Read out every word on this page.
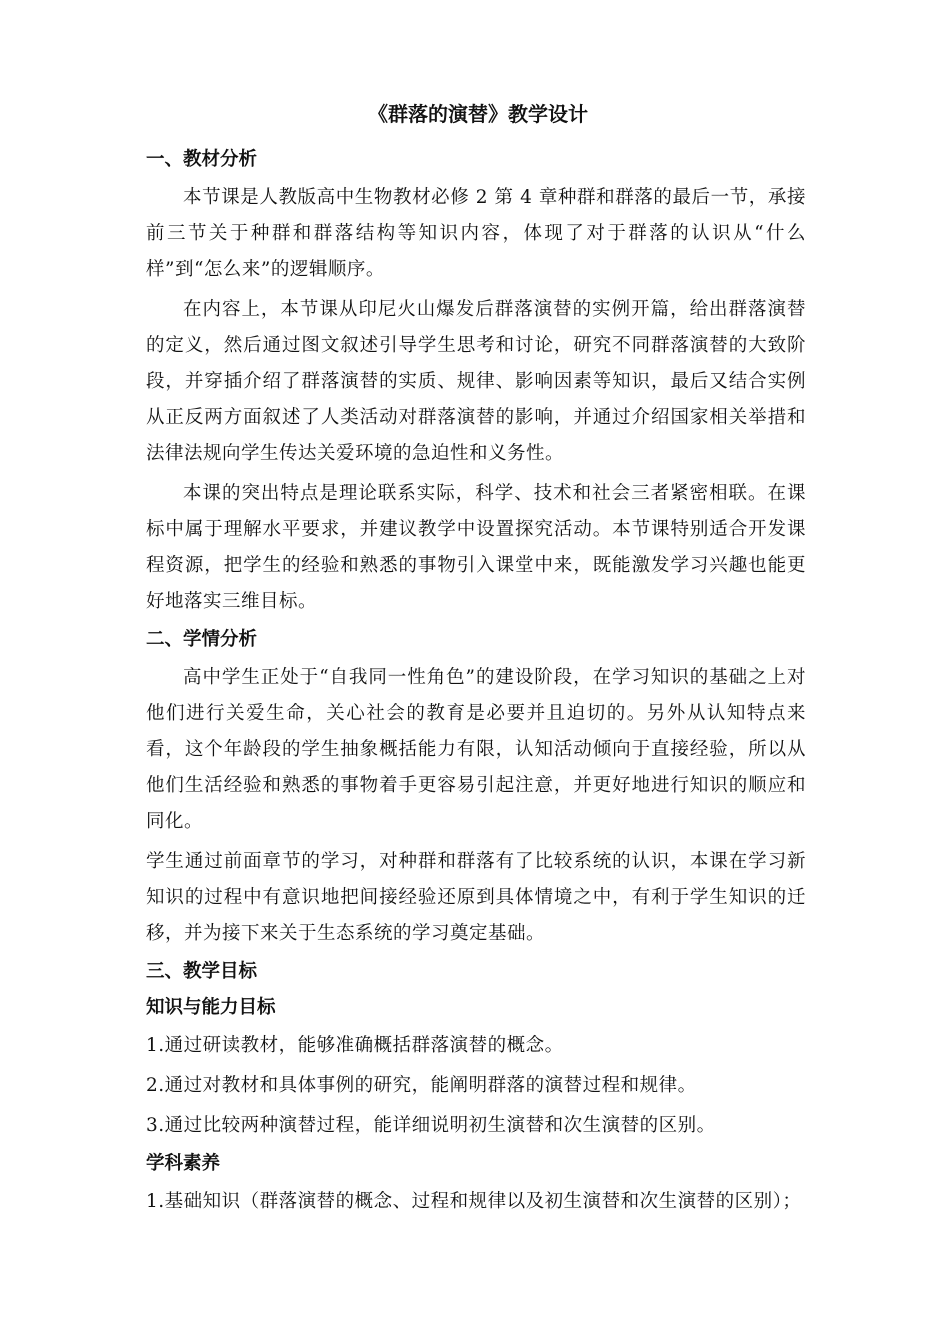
《群落的演替》教学设计
一、教材分析

本节课是人教版高中生物教材必修 2 第 4 章种群和群落的最后一节，承接前三节关于种群和群落结构等知识内容，体现了对于群落的认识从“什么样”到“怎么来”的逻辑顺序。

在内容上，本节课从印尼火山爆发后群落演替的实例开篇，给出群落演替的定义，然后通过图文叙述引导学生思考和讨论，研究不同群落演替的大致阶段，并穿插介绍了群落演替的实质、规律、影响因素等知识，最后又结合实例从正反两方面叙述了人类活动对群落演替的影响，并通过介绍国家相关举措和法律法规向学生传达关爱环境的急迫性和义务性。

本课的突出特点是理论联系实际，科学、技术和社会三者紧密相联。在课标中属于理解水平要求，并建议教学中设置探究活动。本节课特别适合开发课程资源，把学生的经验和熟悉的事物引入课堂中来，既能激发学习兴趣也能更好地落实三维目标。

二、学情分析

高中学生正处于“自我同一性角色”的建设阶段，在学习知识的基础之上对他们进行关爱生命，关心社会的教育是必要并且迫切的。另外从认知特点来看，这个年龄段的学生抽象概括能力有限，认知活动倾向于直接经验，所以从他们生活经验和熟悉的事物着手更容易引起注意，并更好地进行知识的顺应和同化。

学生通过前面章节的学习，对种群和群落有了比较系统的认识，本课在学习新知识的过程中有意识地把间接经验还原到具体情境之中，有利于学生知识的迁移，并为接下来关于生态系统的学习奠定基础。

三、教学目标
知识与能力目标
1.通过研读教材，能够准确概括群落演替的概念。
2.通过对教材和具体事例的研究，能阐明群落的演替过程和规律。
3.通过比较两种演替过程，能详细说明初生演替和次生演替的区别。
学科素养
1.基础知识（群落演替的概念、过程和规律以及初生演替和次生演替的区别）；
